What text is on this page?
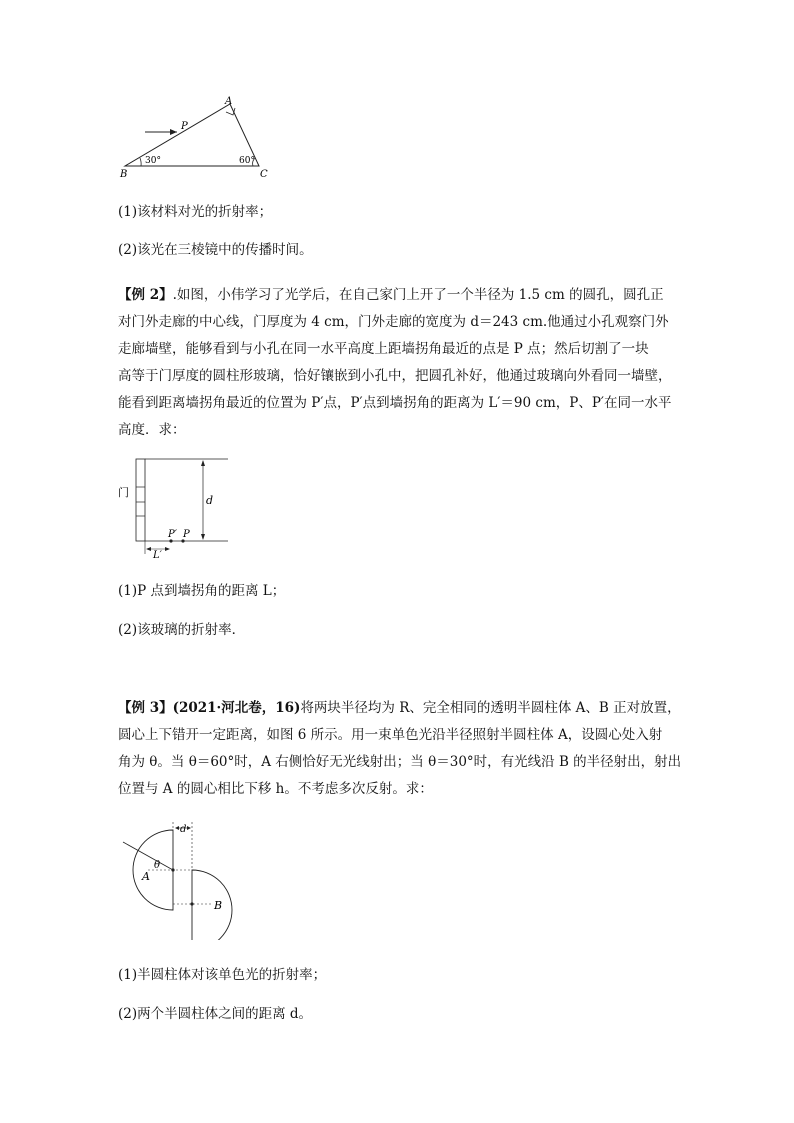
A
B	C
P
30°	60°
(1)该材料对光的折射率；
(2)该光在三棱镜中的传播时间。

【例 2】.如图，小伟学习了光学后，在自己家门上开了一个半径为 1.5 cm 的圆孔，圆孔正

对门外走廊的中心线，门厚度为 4 cm，门外走廊的宽度为 d＝243 cm.他通过小孔观察门外

走廊墙壁，能够看到与小孔在同一水平高度上距墙拐角最近的点是 P 点；然后切割了一块

高等于门厚度的圆柱形玻璃，恰好镶嵌到小孔中，把圆孔补好，他通过玻璃向外看同一墙壁，

能看到距离墙拐角最近的位置为 P′点，P′点到墙拐角的距离为 L′＝90 cm，P、P′在同一水平

高度．求：

门
d
P′ P
L′
(1)P 点到墙拐角的距离 L；
(2)该玻璃的折射率．

【例 3】(2021·河北卷，16)将两块半径均为 R、完全相同的透明半圆柱体 A、B 正对放置，

圆心上下错开一定距离，如图 6 所示。用一束单色光沿半径照射半圆柱体 A，设圆心处入射

角为 θ。当 θ＝60°时，A 右侧恰好无光线射出；当 θ＝30°时，有光线沿 B 的半径射出，射出

位置与 A 的圆心相比下移 h。不考虑多次反射。求：

θ
A
B
d
(1)半圆柱体对该单色光的折射率；
(2)两个半圆柱体之间的距离 d。
